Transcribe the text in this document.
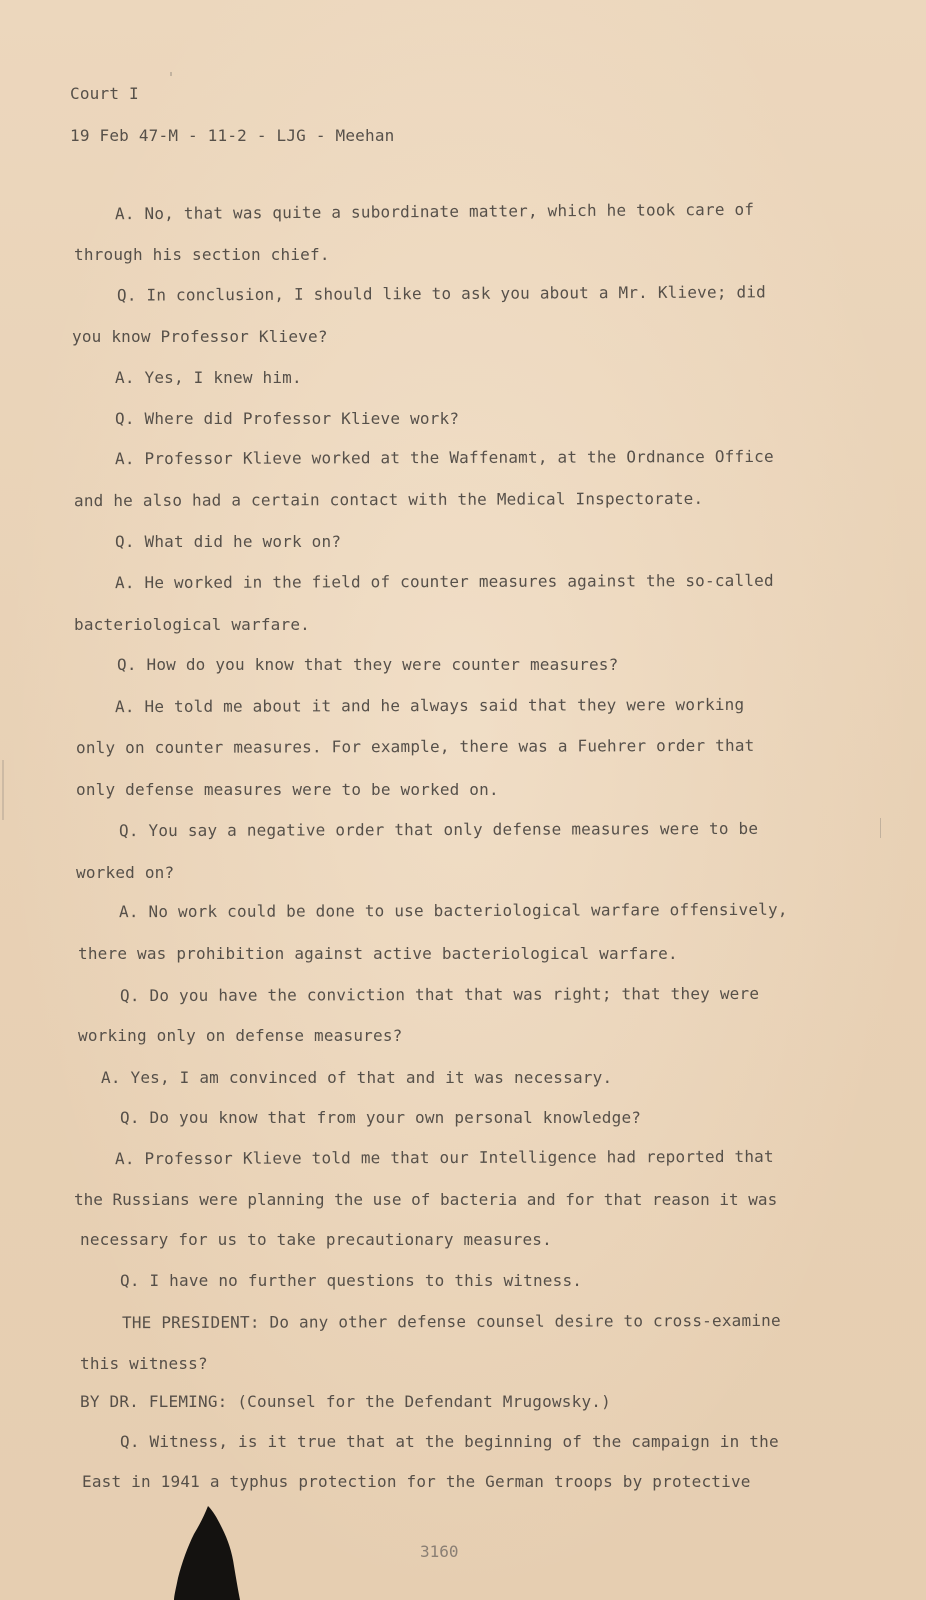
Court I
19 Feb 47-M - 11-2 - LJG - Meehan
A. No, that was quite a subordinate matter, which he took care of
through his section chief.
Q. In conclusion, I should like to ask you about a Mr. Klieve; did
you know Professor Klieve?
A. Yes, I knew him.
Q. Where did Professor Klieve work?
A. Professor Klieve worked at the Waffenamt, at the Ordnance Office
and he also had a certain contact with the Medical Inspectorate.
Q. What did he work on?
A. He worked in the field of counter measures against the so-called
bacteriological warfare.
Q. How do you know that they were counter measures?
A. He told me about it and he always said that they were working
only on counter measures. For example, there was a Fuehrer order that
only defense measures were to be worked on.
Q. You say a negative order that only defense measures were to be
worked on?
A. No work could be done to use bacteriological warfare offensively,
there was prohibition against active bacteriological warfare.
Q. Do you have the conviction that that was right; that they were
working only on defense measures?
A. Yes, I am convinced of that and it was necessary.
Q. Do you know that from your own personal knowledge?
A. Professor Klieve told me that our Intelligence had reported that
the Russians were planning the use of bacteria and for that reason it was
necessary for us to take precautionary measures.
Q. I have no further questions to this witness.
THE PRESIDENT: Do any other defense counsel desire to cross-examine
this witness?
BY DR. FLEMING: (Counsel for the Defendant Mrugowsky.)
Q. Witness, is it true that at the beginning of the campaign in the
East in 1941 a typhus protection for the German troops by protective
3160
